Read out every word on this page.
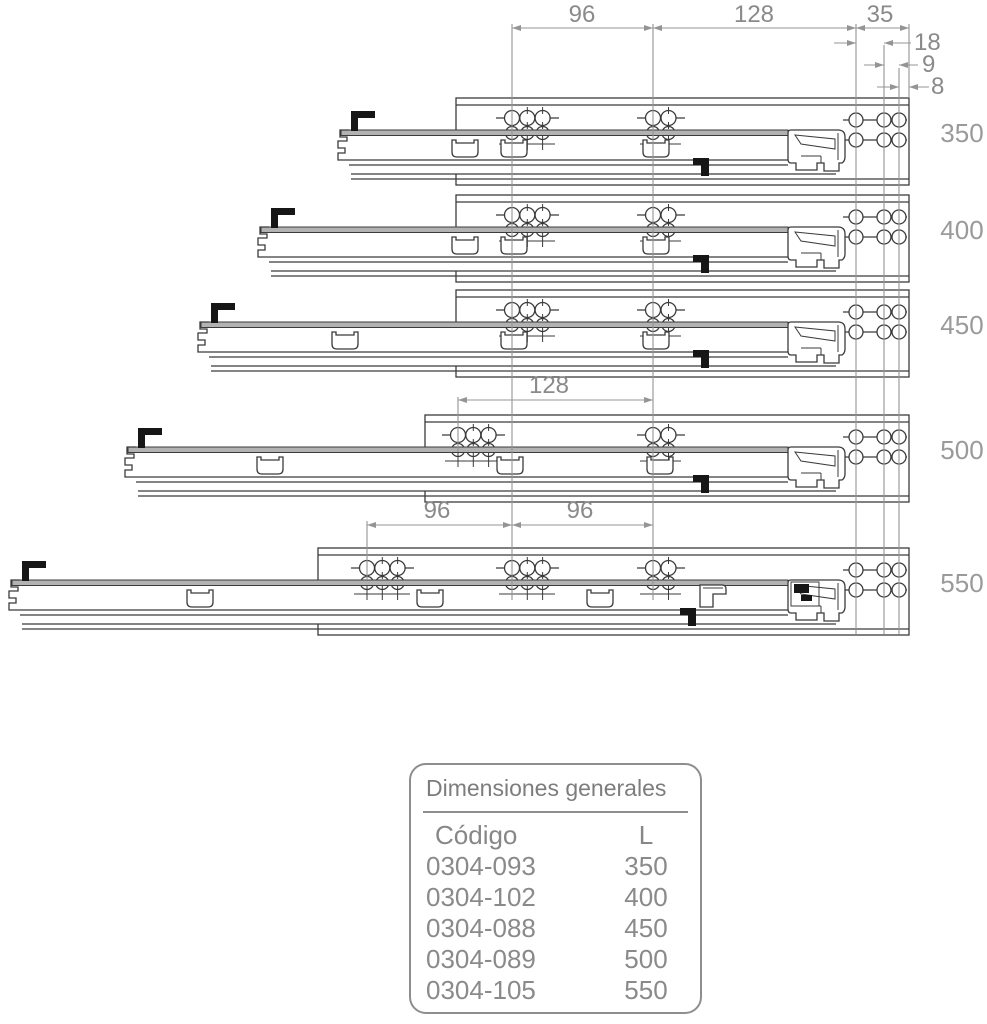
350
400
450
500
550
96	128	35
18
9
8
128
96	96
Dimensiones generales
Código	L
0304-093	350
0304-102	400
0304-088	450
0304-089	500
0304-105	550
